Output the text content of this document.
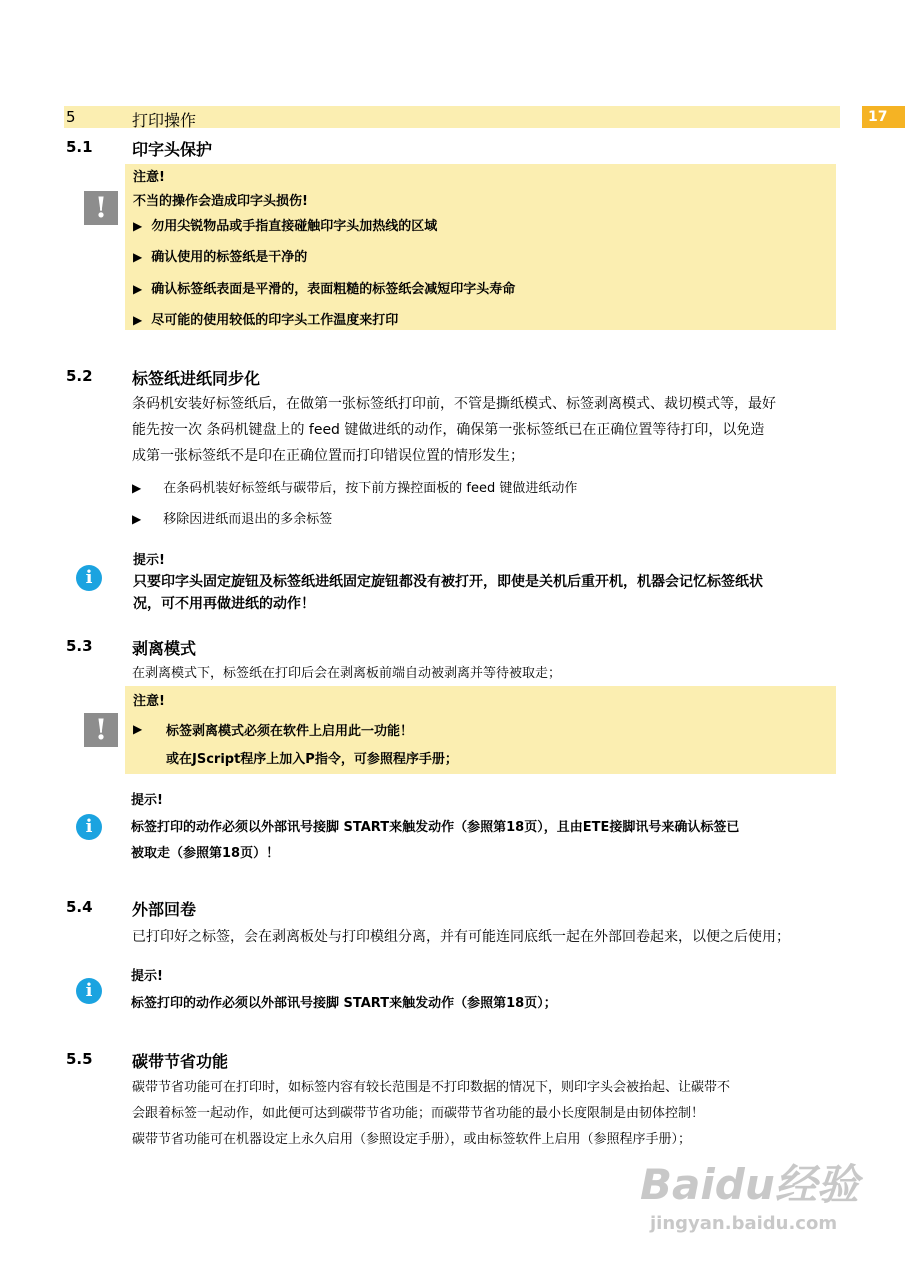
5	打印操作	17
5.1 印字头保护
!
注意!
不当的操作会造成印字头损伤!
▶ 勿用尖锐物品或手指直接碰触印字头加热线的区域
▶ 确认使用的标签纸是干净的
▶ 确认标签纸表面是平滑的，表面粗糙的标签纸会减短印字头寿命
▶ 尽可能的使用较低的印字头工作温度来打印
5.2 标签纸进纸同步化
条码机安装好标签纸后，在做第一张标签纸打印前，不管是撕纸模式、标签剥离模式、裁切模式等，最好
能先按一次 条码机键盘上的 feed 键做进纸的动作，确保第一张标签纸已在正确位置等待打印，以免造
成第一张标签纸不是印在正确位置而打印错误位置的情形发生；
▶ 在条码机装好标签纸与碳带后，按下前方操控面板的 feed 键做进纸动作
▶ 移除因进纸而退出的多余标签
i
提示!
只要印字头固定旋钮及标签纸进纸固定旋钮都没有被打开，即使是关机后重开机，机器会记忆标签纸状
况，可不用再做进纸的动作！
5.3 剥离模式
在剥离模式下，标签纸在打印后会在剥离板前端自动被剥离并等待被取走；
!
注意!
▶ 标签剥离模式必须在软件上启用此一功能！
或在JScript程序上加入P指令，可参照程序手册；
i
提示!
标签打印的动作必须以外部讯号接脚 START来触发动作（参照第18页），且由ETE接脚讯号来确认标签已
被取走（参照第18页）！
5.4 外部回卷
已打印好之标签，会在剥离板处与打印模组分离，并有可能连同底纸一起在外部回卷起来，以便之后使用；
i
提示!
标签打印的动作必须以外部讯号接脚 START来触发动作（参照第18页）；
5.5 碳带节省功能
碳带节省功能可在打印时，如标签内容有较长范围是不打印数据的情况下，则印字头会被抬起、让碳带不
会跟着标签一起动作，如此便可达到碳带节省功能；而碳带节省功能的最小长度限制是由韧体控制！
碳带节省功能可在机器设定上永久启用（参照设定手册），或由标签软件上启用（参照程序手册）；
Baidu经验
jingyan.baidu.com
